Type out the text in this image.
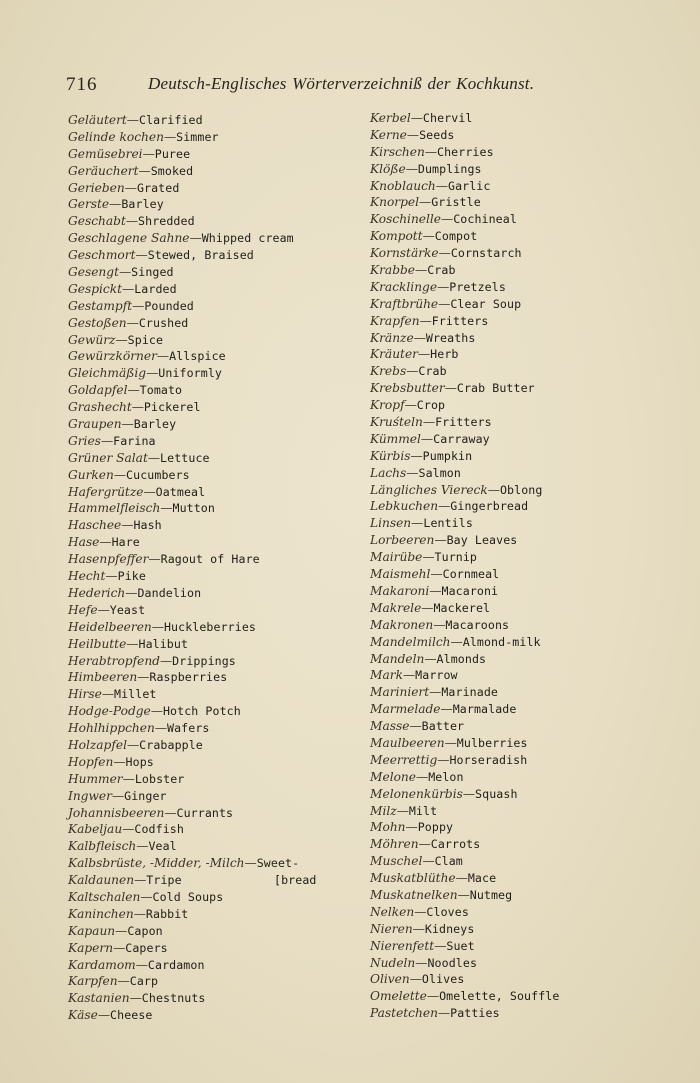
716	Deutsch-Englisches Wörterverzeichniß der Kochkunst.
Geläutert—Clarified
Gelinde kochen—Simmer
Gemüsebrei—Puree
Geräuchert—Smoked
Gerieben—Grated
Gerste—Barley
Geschabt—Shredded
Geschlagene Sahne—Whipped cream
Geschmort—Stewed, Braised
Gesengt—Singed
Gespickt—Larded
Gestampft—Pounded
Gestoßen—Crushed
Gewürz—Spice
Gewürzkörner—Allspice
Gleichmäßig—Uniformly
Goldapfel—Tomato
Grashecht—Pickerel
Graupen—Barley
Gries—Farina
Grüner Salat—Lettuce
Gurken—Cucumbers
Hafergrütze—Oatmeal
Hammelfleisch—Mutton
Haschee—Hash
Hase—Hare
Hasenpfeffer—Ragout of Hare
Hecht—Pike
Hederich—Dandelion
Hefe—Yeast
Heidelbeeren—Huckleberries
Heilbutte—Halibut
Herabtropfend—Drippings
Himbeeren—Raspberries
Hirse—Millet
Hodge-Podge—Hotch Potch
Hohlhippchen—Wafers
Holzapfel—Crabapple
Hopfen—Hops
Hummer—Lobster
Ingwer—Ginger
Johannisbeeren—Currants
Kabeljau—Codfish
Kalbfleisch—Veal
Kalbsbrüste, -Midder, -Milch—Sweet-
Kaldaunen—Tripe	[bread
Kaltschalen—Cold Soups
Kaninchen—Rabbit
Kapaun—Capon
Kapern—Capers
Kardamom—Cardamon
Karpfen—Carp
Kastanien—Chestnuts
Käse—Cheese
Kerbel—Chervil
Kerne—Seeds
Kirschen—Cherries
Klöße—Dumplings
Knoblauch—Garlic
Knorpel—Gristle
Koschinelle—Cochineal
Kompott—Compot
Kornstärke—Cornstarch
Krabbe—Crab
Kracklinge—Pretzels
Kraftbrühe—Clear Soup
Krapfen—Fritters
Kränze—Wreaths
Kräuter—Herb
Krebs—Crab
Krebsbutter—Crab Butter
Kropf—Crop
Kruśteln—Fritters
Kümmel—Carraway
Kürbis—Pumpkin
Lachs—Salmon
Längliches Viereck—Oblong
Lebkuchen—Gingerbread
Linsen—Lentils
Lorbeeren—Bay Leaves
Mairübe—Turnip
Maismehl—Cornmeal
Makaroni—Macaroni
Makrele—Mackerel
Makronen—Macaroons
Mandelmilch—Almond-milk
Mandeln—Almonds
Mark—Marrow
Mariniert—Marinade
Marmelade—Marmalade
Masse—Batter
Maulbeeren—Mulberries
Meerrettig—Horseradish
Melone—Melon
Melonenkürbis—Squash
Milz—Milt
Mohn—Poppy
Möhren—Carrots
Muschel—Clam
Muskatblüthe—Mace
Muskatnelken—Nutmeg
Nelken—Cloves
Nieren—Kidneys
Nierenfett—Suet
Nudeln—Noodles
Oliven—Olives
Omelette—Omelette, Souffle
Pastetchen—Patties
